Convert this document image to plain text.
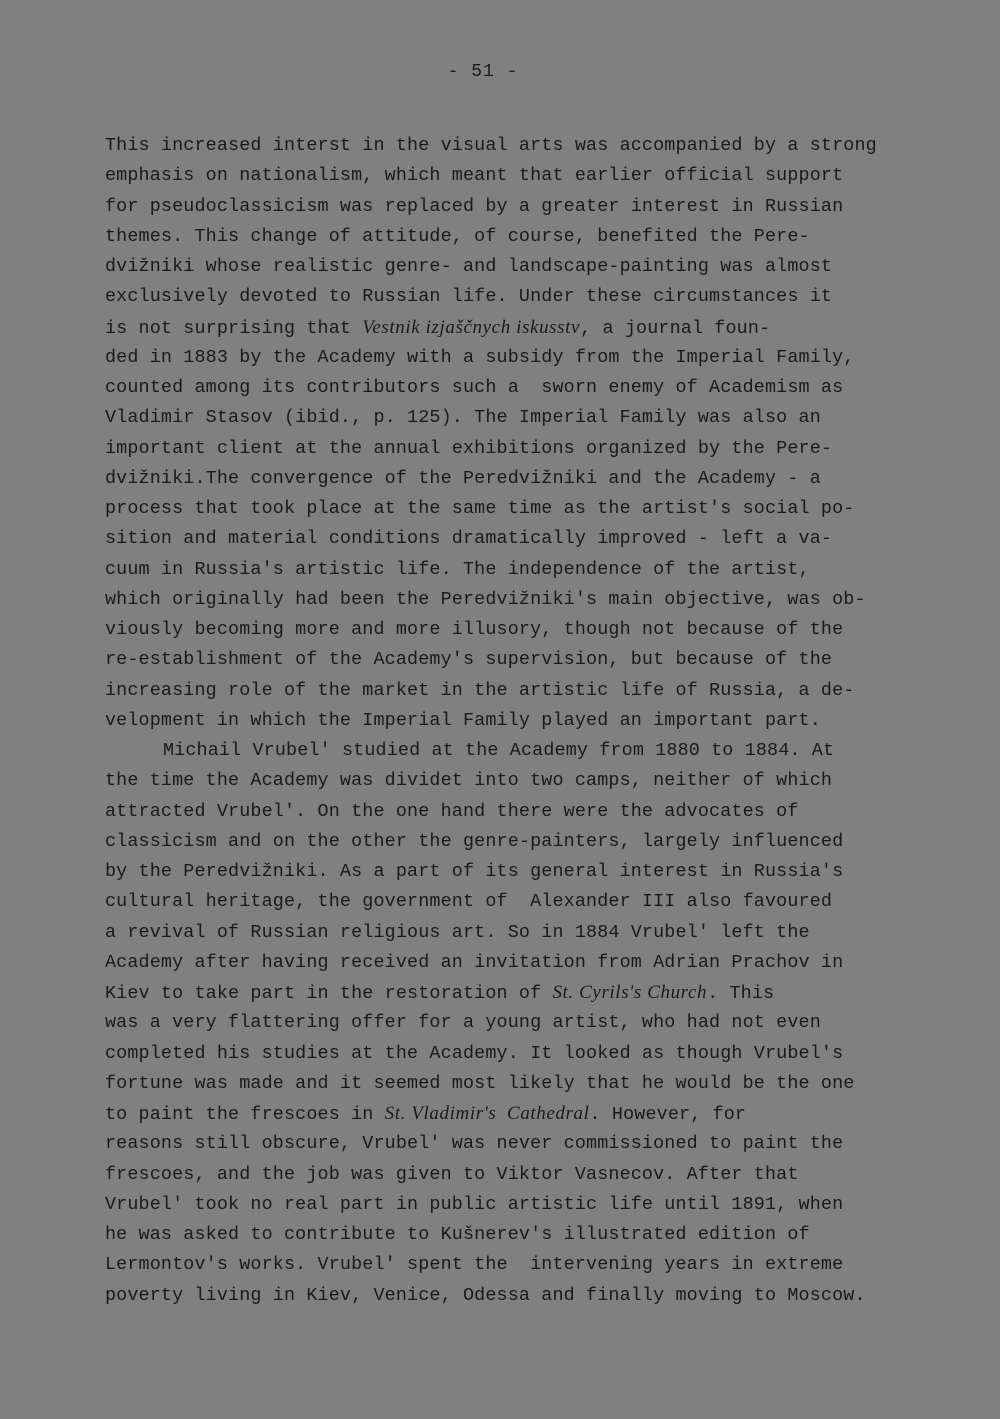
- 51 -
This increased interst in the visual arts was accompanied by a strong
emphasis on nationalism, which meant that earlier official support
for pseudoclassicism was replaced by a greater interest in Russian
themes. This change of attitude, of course, benefited the Pere-
dvižniki whose realistic genre- and landscape-painting was almost
exclusively devoted to Russian life. Under these circumstances it
is not surprising that Vestnik izjaščnych iskusstv, a journal foun-
ded in 1883 by the Academy with a subsidy from the Imperial Family,
counted among its contributors such a  sworn enemy of Academism as
Vladimir Stasov (ibid., p. 125). The Imperial Family was also an
important client at the annual exhibitions organized by the Pere-
dvižniki.The convergence of the Peredvižniki and the Academy - a
process that took place at the same time as the artist's social po-
sition and material conditions dramatically improved - left a va-
cuum in Russia's artistic life. The independence of the artist,
which originally had been the Peredvižniki's main objective, was ob-
viously becoming more and more illusory, though not because of the
re-establishment of the Academy's supervision, but because of the
increasing role of the market in the artistic life of Russia, a de-
velopment in which the Imperial Family played an important part.
Michail Vrubel' studied at the Academy from 1880 to 1884. At
the time the Academy was dividet into two camps, neither of which
attracted Vrubel'. On the one hand there were the advocates of
classicism and on the other the genre-painters, largely influenced
by the Peredvižniki. As a part of its general interest in Russia's
cultural heritage, the government of  Alexander III also favoured
a revival of Russian religious art. So in 1884 Vrubel' left the
Academy after having received an invitation from Adrian Prachov in
Kiev to take part in the restoration of St. Cyrils's Church. This
was a very flattering offer for a young artist, who had not even
completed his studies at the Academy. It looked as though Vrubel's
fortune was made and it seemed most likely that he would be the one
to paint the frescoes in St. Vladimir's  Cathedral. However, for
reasons still obscure, Vrubel' was never commissioned to paint the
frescoes, and the job was given to Viktor Vasnecov. After that
Vrubel' took no real part in public artistic life until 1891, when
he was asked to contribute to Kušnerev's illustrated edition of
Lermontov's works. Vrubel' spent the  intervening years in extreme
poverty living in Kiev, Venice, Odessa and finally moving to Moscow.
